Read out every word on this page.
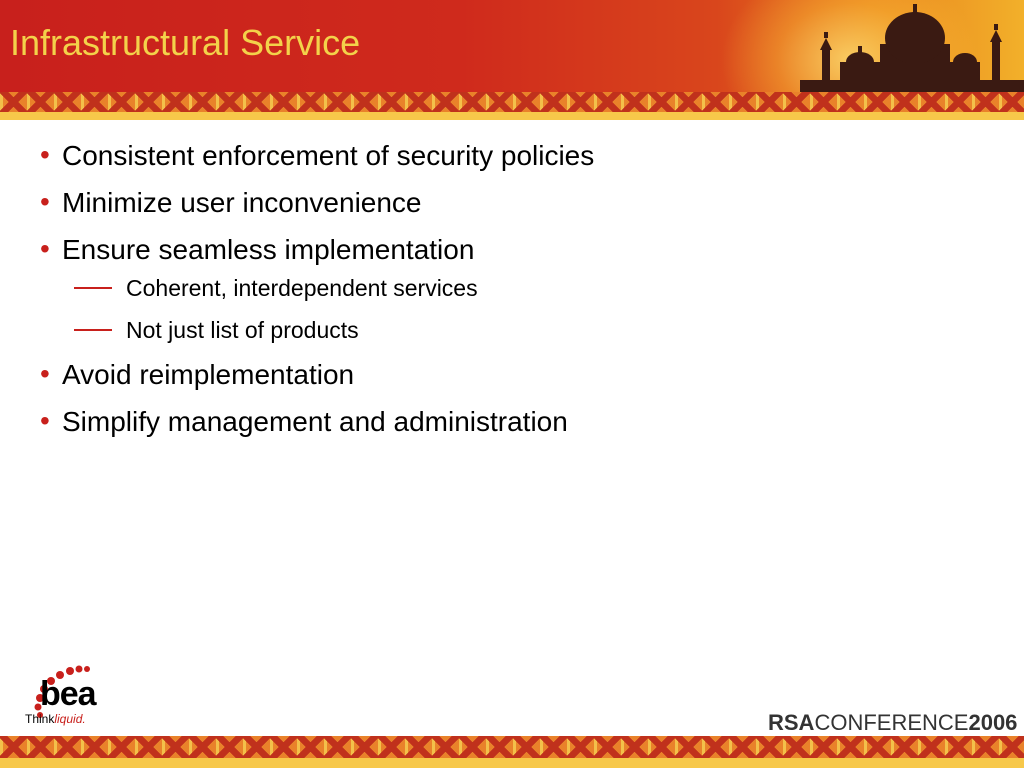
Infrastructural Service
• Consistent enforcement of security policies
• Minimize user inconvenience
• Ensure seamless implementation
Coherent, interdependent services
Not just list of products
• Avoid reimplementation
• Simplify management and administration
bea
Thinkliquid.	RSACONFERENCE2006
